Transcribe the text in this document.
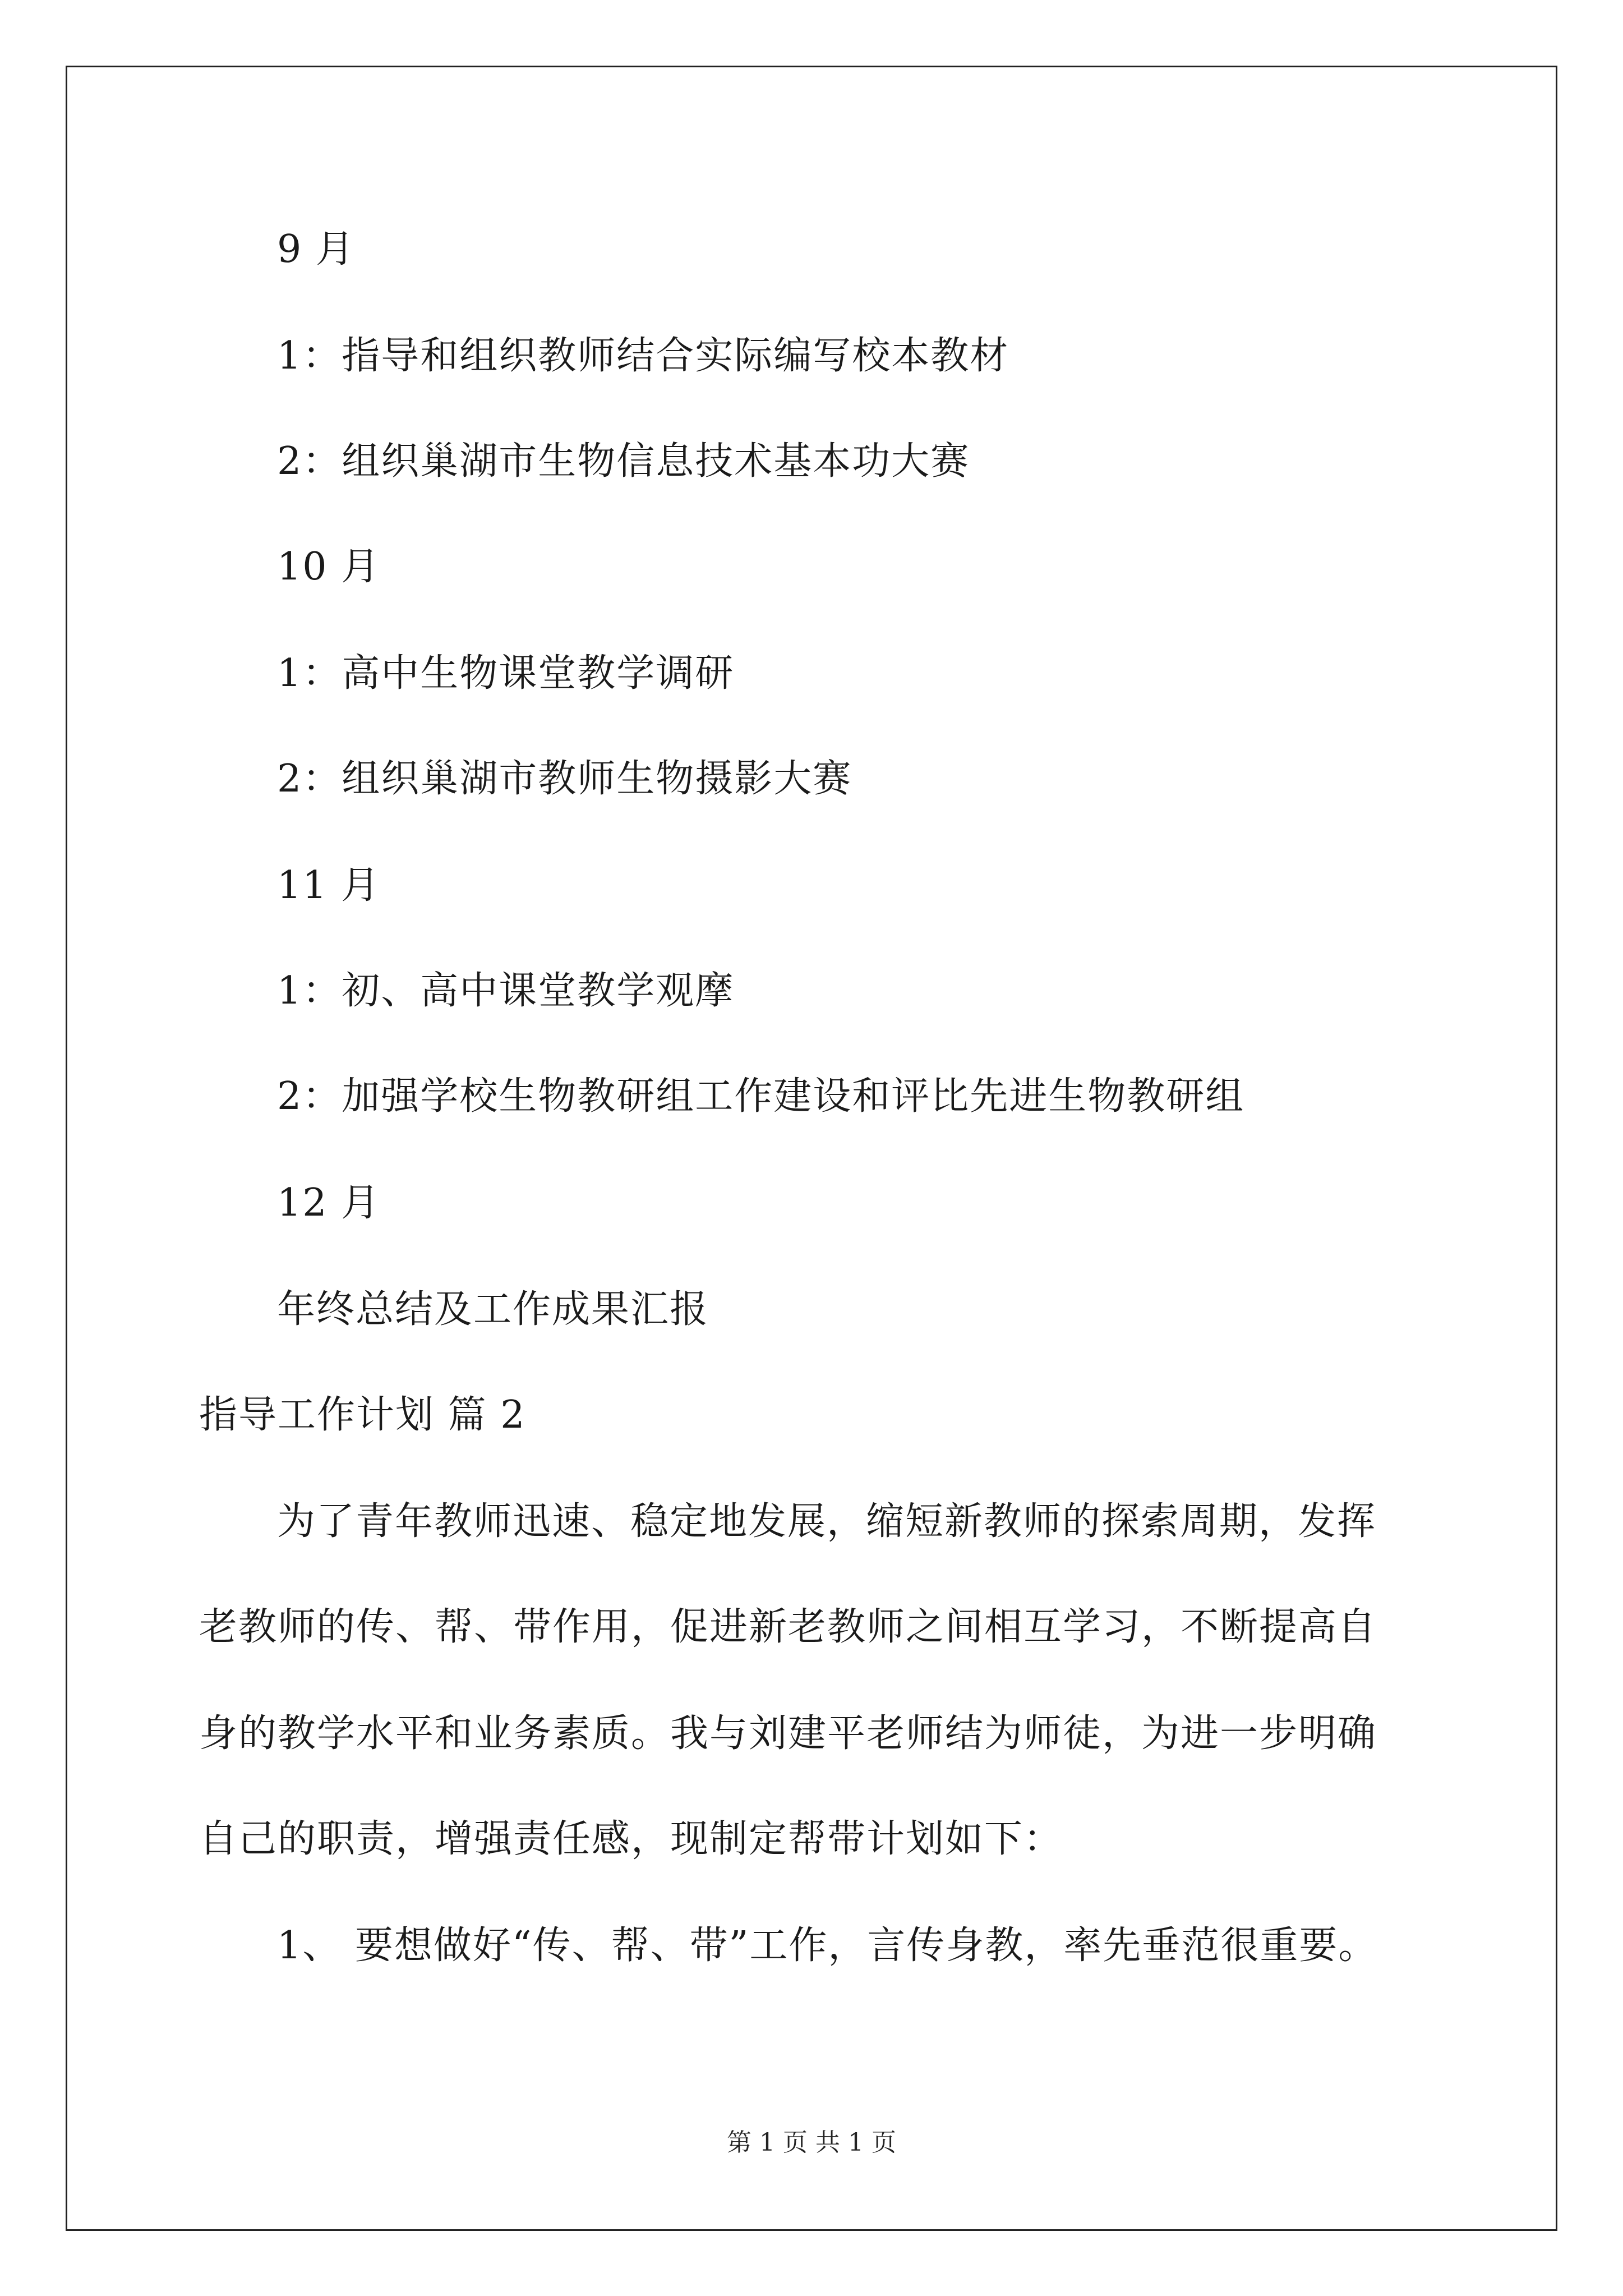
9 月
1：指导和组织教师结合实际编写校本教材
2：组织巢湖市生物信息技术基本功大赛
10 月
1：高中生物课堂教学调研
2：组织巢湖市教师生物摄影大赛
11 月
1：初、高中课堂教学观摩
2：加强学校生物教研组工作建设和评比先进生物教研组
12 月
年终总结及工作成果汇报
指导工作计划 篇 2
为了青年教师迅速、稳定地发展，缩短新教师的探索周期，发挥
老教师的传、帮、带作用，促进新老教师之间相互学习，不断提高自
身的教学水平和业务素质。我与刘建平老师结为师徒，为进一步明确
自己的职责，增强责任感，现制定帮带计划如下：
1、 要想做好“传、帮、带”工作，言传身教，率先垂范很重要。
第 1 页 共 1 页
